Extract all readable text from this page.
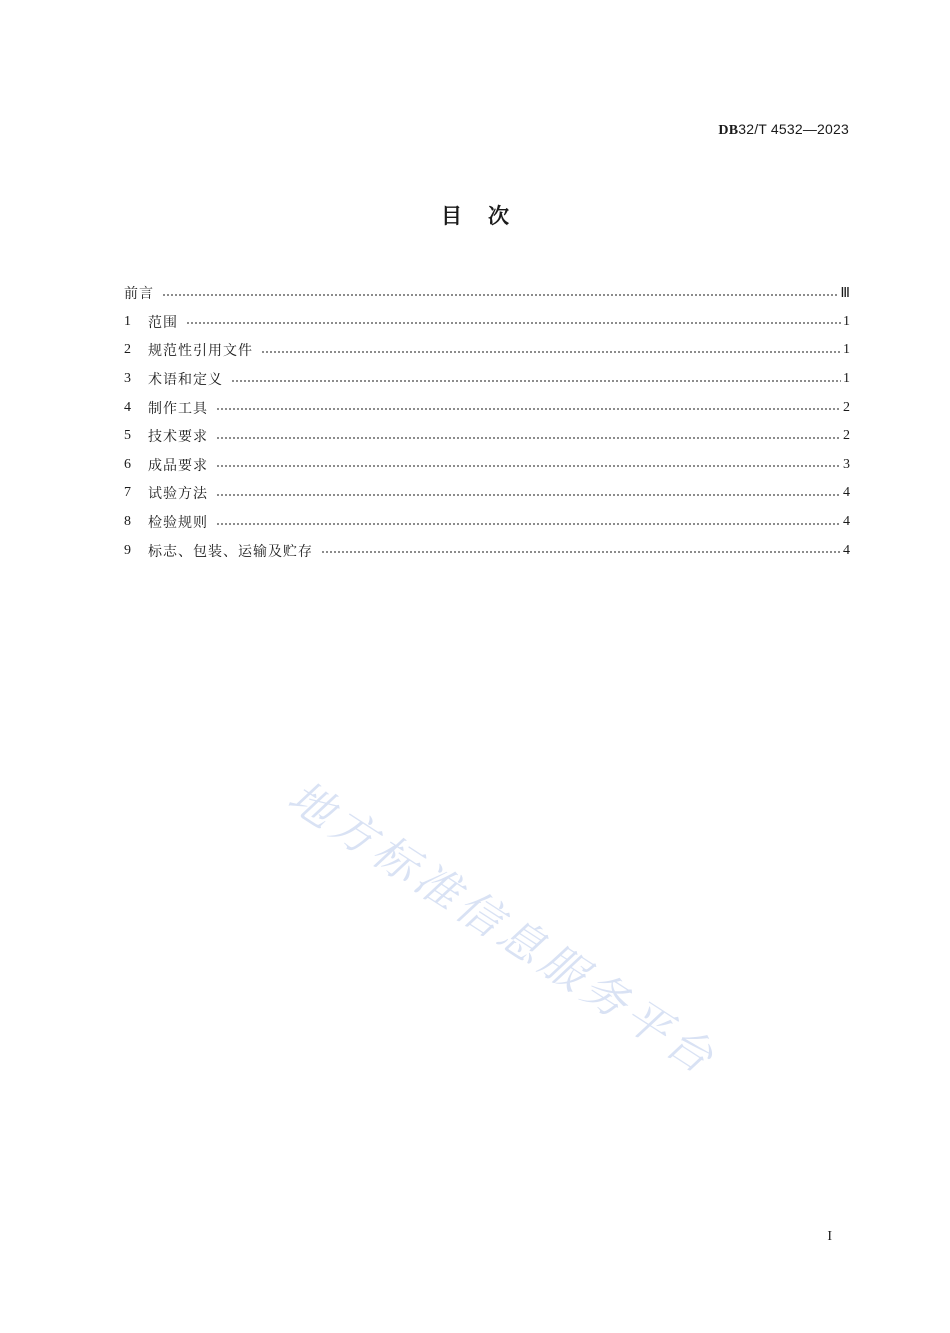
DB32/T 4532—2023
目次
前言	Ⅲ
1	范围	1
2	规范性引用文件	1
3	术语和定义	1
4	制作工具	2
5	技术要求	2
6	成品要求	3
7	试验方法	4
8	检验规则	4
9	标志、包装、运输及贮存	4
地方标准信息服务平台
I
